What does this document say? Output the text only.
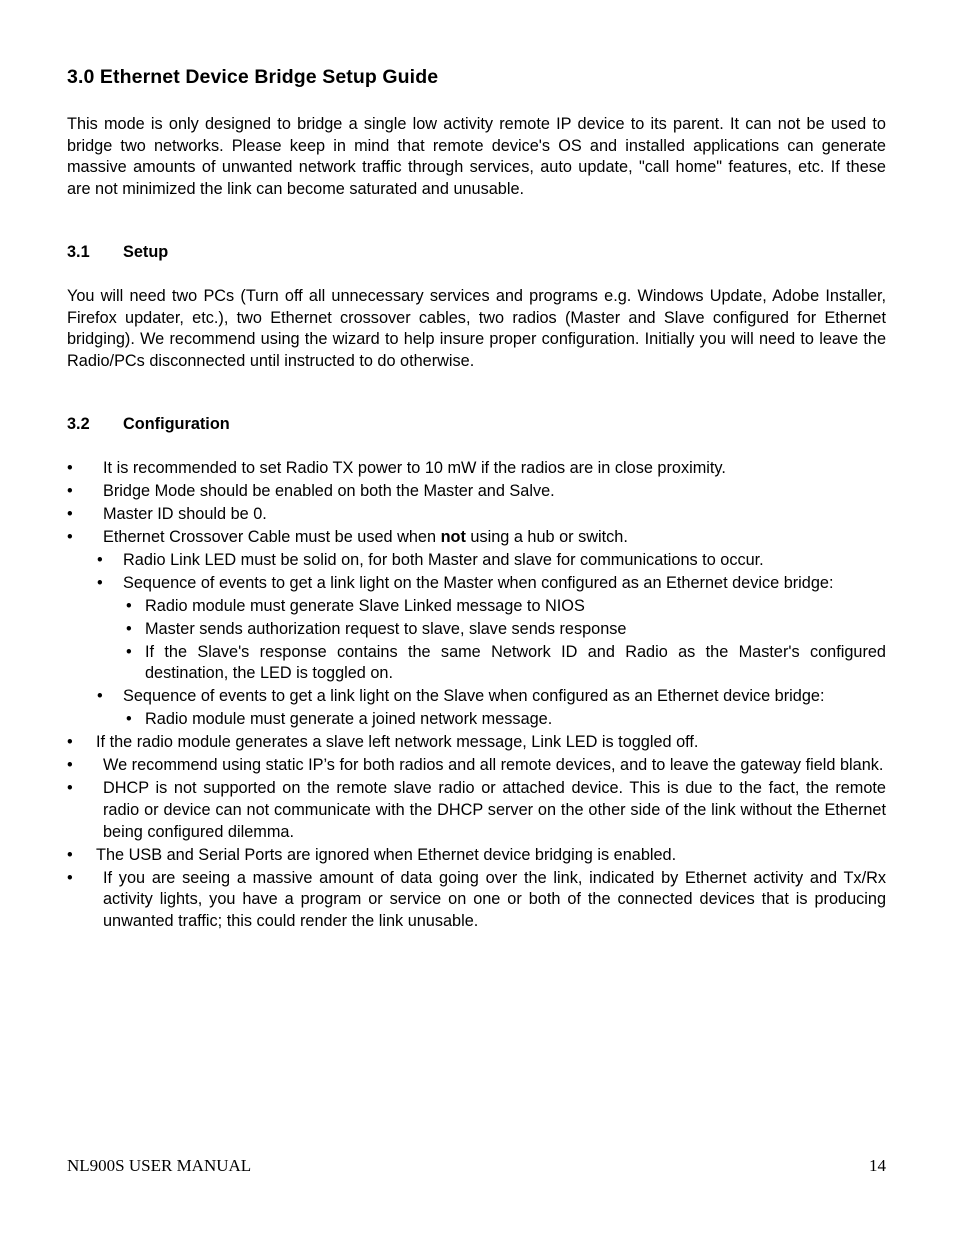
3.0 Ethernet Device Bridge Setup Guide

This mode is only designed to bridge a single low activity remote IP device to its parent. It can not be used to bridge two networks. Please keep in mind that remote device's OS and installed applications can generate massive amounts of unwanted network traffic through services, auto update, "call home" features, etc. If these are not minimized the link can become saturated and unusable.

3.1 Setup

You will need two PCs (Turn off all unnecessary services and programs e.g. Windows Update, Adobe Installer, Firefox updater, etc.), two Ethernet crossover cables, two radios (Master and Slave configured for Ethernet bridging). We recommend using the wizard to help insure proper configuration. Initially you will need to leave the Radio/PCs disconnected until instructed to do otherwise.

3.2 Configuration
• It is recommended to set Radio TX power to 10 mW if the radios are in close proximity.
• Bridge Mode should be enabled on both the Master and Salve.
• Master ID should be 0.
• Ethernet Crossover Cable must be used when not using a hub or switch.
• Radio Link LED must be solid on, for both Master and slave for communications to occur.
• Sequence of events to get a link light on the Master when configured as an Ethernet device bridge:
• Radio module must generate Slave Linked message to NIOS
• Master sends authorization request to slave, slave sends response
• If the Slave's response contains the same Network ID and Radio as the Master's configured destination, the LED is toggled on.
• Sequence of events to get a link light on the Slave when configured as an Ethernet device bridge:
• Radio module must generate a joined network message.
• If the radio module generates a slave left network message, Link LED is toggled off.
• We recommend using static IP’s for both radios and all remote devices, and to leave the gateway field blank.
• DHCP is not supported on the remote slave radio or attached device. This is due to the fact, the remote radio or device can not communicate with the DHCP server on the other side of the link without the Ethernet being configured dilemma.
• The USB and Serial Ports are ignored when Ethernet device bridging is enabled.
• If you are seeing a massive amount of data going over the link, indicated by Ethernet activity and Tx/Rx activity lights, you have a program or service on one or both of the connected devices that is producing unwanted traffic; this could render the link unusable.
NL900S USER MANUAL	14
